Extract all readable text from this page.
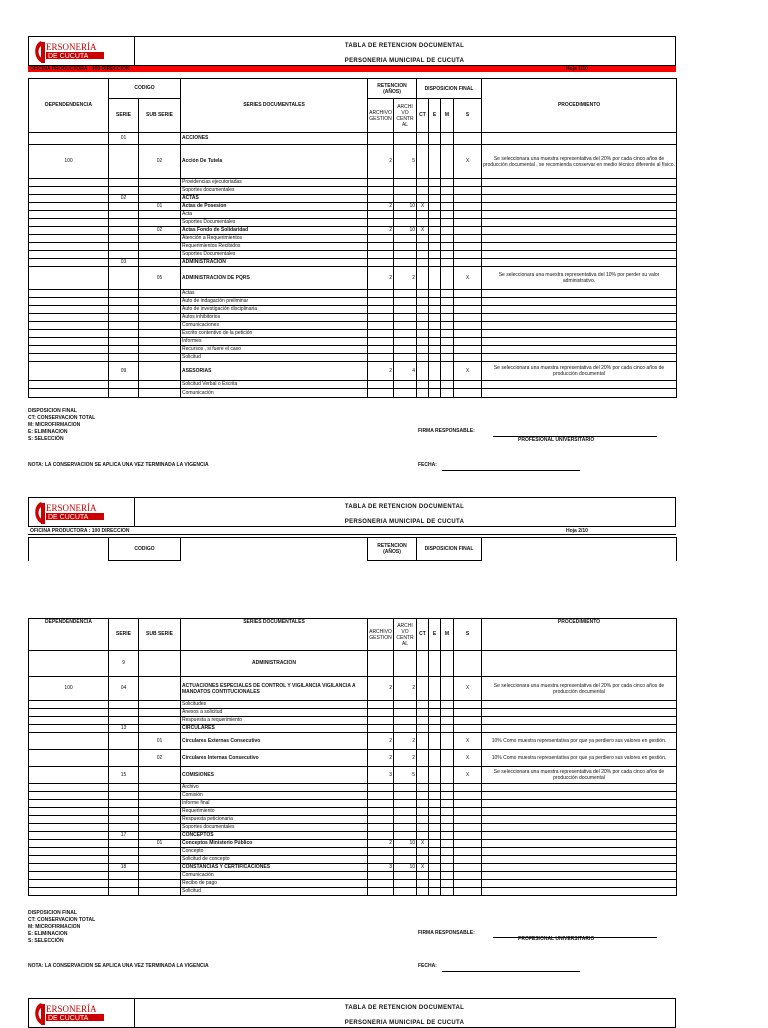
ERSONERÍA
DE CÚCUTA
TABLA DE RETENCION DOCUMENTAL
PERSONERIA MUNICIPAL DE CUCUTA
OFICINA PRODUCTORA : 100 DIRECCION	Hoja 1/10
DEPENDENDENCIA	CODIGO		SERIES DOCUMENTALES	RETENCION (AÑOS)		DISPOSICION FINAL				PROCEDIMIENTO
	SERIE	SUB SERIE		ARCHIVO GESTION	ARCHI VO CENTR AL	CT	E	M	S	
	01		ACCIONES							
100		02	Acción De Tutela	2	5				X	Se seleccionara una muestra representativa del 20% por cada cinco años de producción documental , se recomienda conservar en medio técnico diferente al físico.
			Providencias ejecutoriadas							
			Soportes documentales							
	02		ACTAS							
		01	Actas de Posesion	2	10	X				
			Acta							
			Soportes Documentales							
		02	Actas Fondo de Solidaridad	2	10	X				
			Atención a Requerimientos							
			Requerimientos Recibidos							
			Soportes Documentales							
	03		ADMINISTRACION							
		05	ADMINISTRACION DE PQRS	2	2				X	Se seleccionara una muestra representativa del 10% por perder su valor administrativo.
			Actas							
			Auto de indagación preliminar							
			Auto de investigación disciplinaria							
			Autos inhibitorios							
			Comunicaciones							
			Escrito contentivo de la petición							
			Informes							
			Recursos , si fuere el caso							
			Solicitud							
	09		ASESORIAS	2	4				X	Se seleccionara una muestra representativa del 20% por cada cinco años de producción documental
			Solicitud Verbal o Escrita							
			Comunicación							
DISPOSICION FINAL
CT: CONSERVACION TOTAL
M: MICROFIRMACION
E: ELIMINACION
S: SELECCIÓN
FIRMA RESPONSABLE:
PROFESIONAL UNIVERSITARIO
NOTA: LA CONSERVACION SE APLICA UNA VEZ TERMINADA LA VIGENCIA	FECHA:
ERSONERÍA
DE CÚCUTA
TABLA DE RETENCION DOCUMENTAL
PERSONERIA MUNICIPAL DE CUCUTA
OFICINA PRODUCTORA : 100 DIRECCION	Hoja 2/10
	CODIGO		RETENCION (AÑOS)	DISPOSICION FINAL	
DEPENDENDENCIA	SERIE	SUB SERIE	SERIES DOCUMENTALES	ARCHIVO GESTION	ARCHI VO CENTR AL	CT	E	M	S	PROCEDIMIENTO
	9		ADMINISTRACION							
100	04		ACTUACIONES ESPECIALES DE CONTROL Y VIGILANCIA VIGILANCIA A MANDATOS CONTITUCIONALES	2	2				X	Se seleccionara una muestra representativa del 20% por cada cinco años de producción documental
			Solicitudes							
			Anexos a solicitud							
			Respuesta a requerimiento							
	13		CIRCULARES							
		01	Circulares Externas Consecutivo	2	2				X	10% Como muestra representativa por que ya perdiero sus valores en gestión.
		02	Circulares Internas Consecutivo	2	2				X	10% Como muestra representativa por que ya perdiero sus valores en gestión.
	15		COMISIONES	3	5				X	Se seleccionara una muestra representativa del 20% por cada cinco años de producción documental
			Archivo							
			Comisión							
			Informe final							
			Requerimiento							
			Respuesta peticionaria							
			Soportes documentales							
	17		CONCEPTOS							
		01	Conceptos Ministerio Público	2	10	X				
			Concepto							
			Solicitud de concepto							
	18		CONSTANCIAS Y CERTIFICACIONES	3	10	X				
			Comunicación							
			Recibo de pago							
			Solicitud							
DISPOSICION FINAL
CT: CONSERVACION TOTAL
M: MICROFIRMACION
E: ELIMINACION
S: SELECCIÓN
FIRMA RESPONSABLE:
PROFESIONAL UNIVERSITARIO
NOTA: LA CONSERVACION SE APLICA UNA VEZ TERMINADA LA VIGENCIA	FECHA:
ERSONERÍA
DE CÚCUTA
TABLA DE RETENCION DOCUMENTAL
PERSONERIA MUNICIPAL DE CUCUTA
